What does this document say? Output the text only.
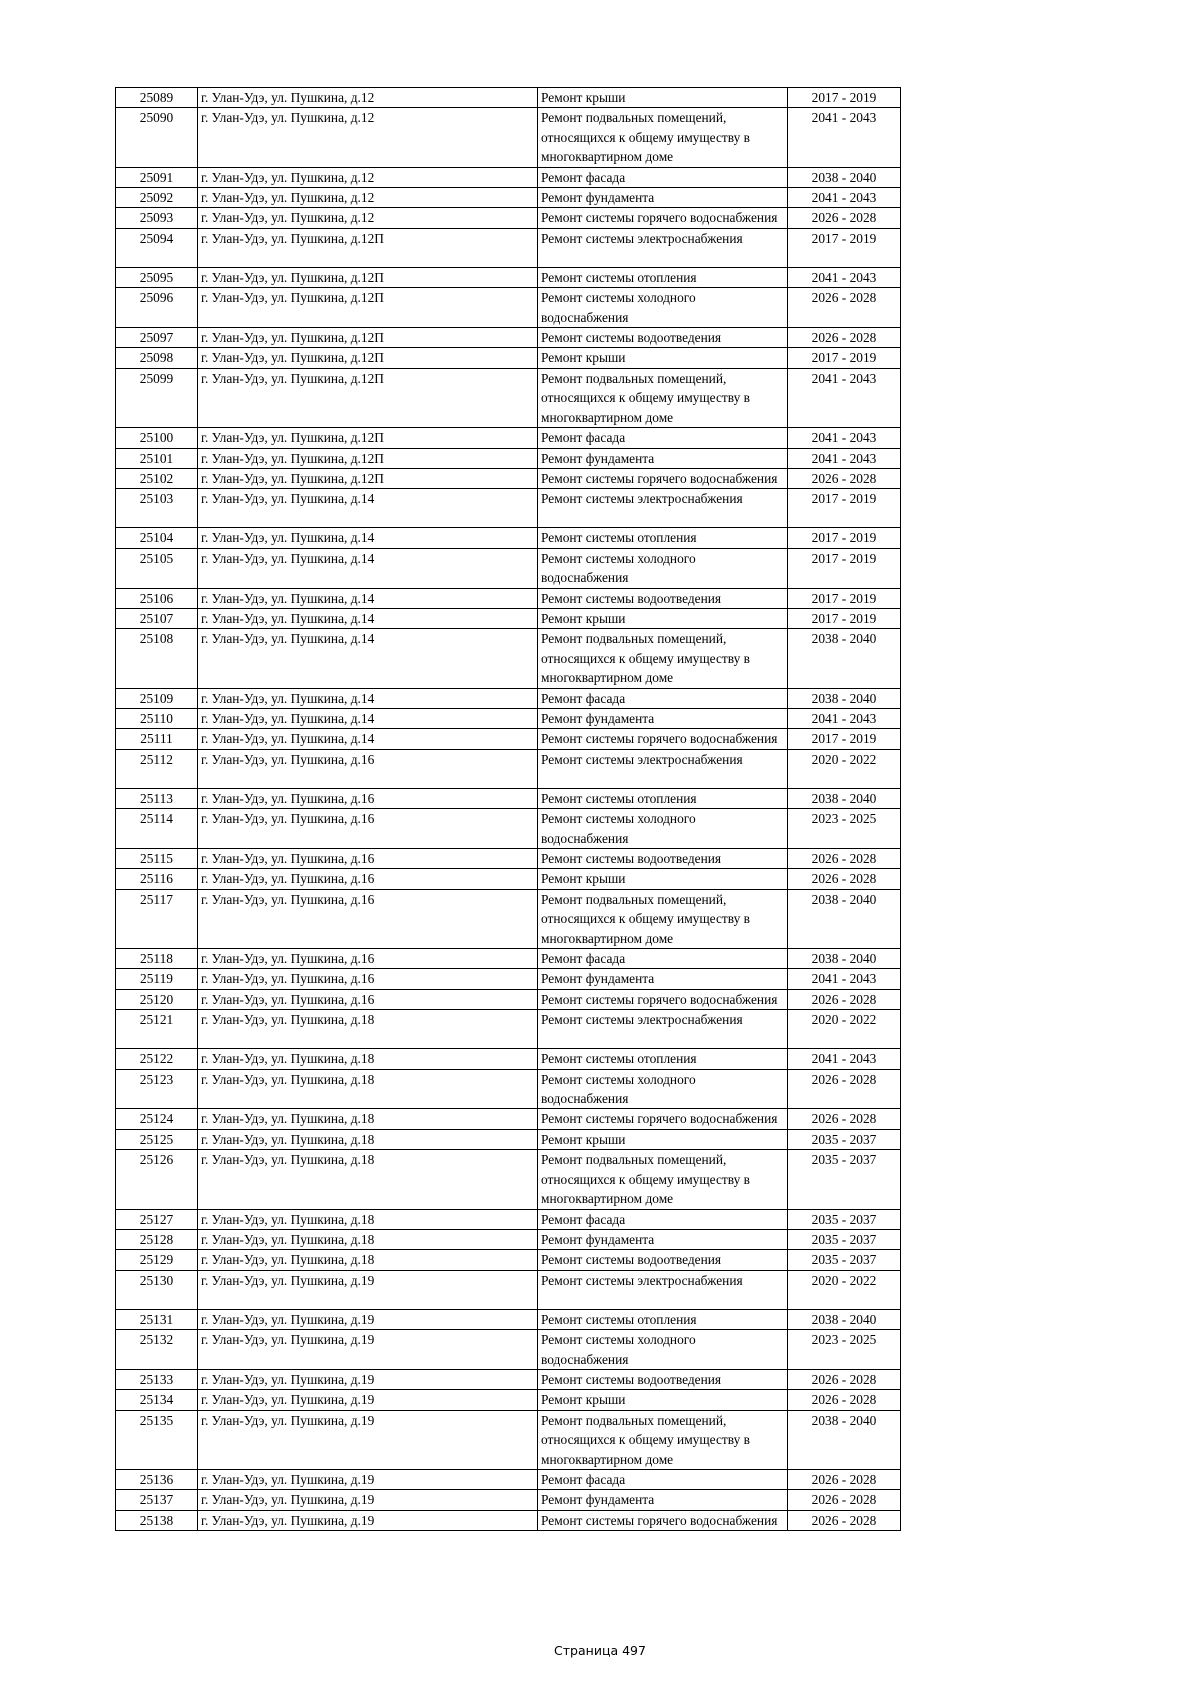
25089	г. Улан-Удэ, ул. Пушкина, д.12	Ремонт крыши	2017 - 2019
25090	г. Улан-Удэ, ул. Пушкина, д.12	Ремонт подвальных помещений, относящихся к общему имуществу в многоквартирном доме	2041 - 2043
25091	г. Улан-Удэ, ул. Пушкина, д.12	Ремонт фасада	2038 - 2040
25092	г. Улан-Удэ, ул. Пушкина, д.12	Ремонт фундамента	2041 - 2043
25093	г. Улан-Удэ, ул. Пушкина, д.12	Ремонт системы горячего водоснабжения	2026 - 2028
25094	г. Улан-Удэ, ул. Пушкина, д.12П	Ремонт системы электроснабжения	2017 - 2019
25095	г. Улан-Удэ, ул. Пушкина, д.12П	Ремонт системы отопления	2041 - 2043
25096	г. Улан-Удэ, ул. Пушкина, д.12П	Ремонт системы холодного водоснабжения	2026 - 2028
25097	г. Улан-Удэ, ул. Пушкина, д.12П	Ремонт системы водоотведения	2026 - 2028
25098	г. Улан-Удэ, ул. Пушкина, д.12П	Ремонт крыши	2017 - 2019
25099	г. Улан-Удэ, ул. Пушкина, д.12П	Ремонт подвальных помещений, относящихся к общему имуществу в многоквартирном доме	2041 - 2043
25100	г. Улан-Удэ, ул. Пушкина, д.12П	Ремонт фасада	2041 - 2043
25101	г. Улан-Удэ, ул. Пушкина, д.12П	Ремонт фундамента	2041 - 2043
25102	г. Улан-Удэ, ул. Пушкина, д.12П	Ремонт системы горячего водоснабжения	2026 - 2028
25103	г. Улан-Удэ, ул. Пушкина, д.14	Ремонт системы электроснабжения	2017 - 2019
25104	г. Улан-Удэ, ул. Пушкина, д.14	Ремонт системы отопления	2017 - 2019
25105	г. Улан-Удэ, ул. Пушкина, д.14	Ремонт системы холодного водоснабжения	2017 - 2019
25106	г. Улан-Удэ, ул. Пушкина, д.14	Ремонт системы водоотведения	2017 - 2019
25107	г. Улан-Удэ, ул. Пушкина, д.14	Ремонт крыши	2017 - 2019
25108	г. Улан-Удэ, ул. Пушкина, д.14	Ремонт подвальных помещений, относящихся к общему имуществу в многоквартирном доме	2038 - 2040
25109	г. Улан-Удэ, ул. Пушкина, д.14	Ремонт фасада	2038 - 2040
25110	г. Улан-Удэ, ул. Пушкина, д.14	Ремонт фундамента	2041 - 2043
25111	г. Улан-Удэ, ул. Пушкина, д.14	Ремонт системы горячего водоснабжения	2017 - 2019
25112	г. Улан-Удэ, ул. Пушкина, д.16	Ремонт системы электроснабжения	2020 - 2022
25113	г. Улан-Удэ, ул. Пушкина, д.16	Ремонт системы отопления	2038 - 2040
25114	г. Улан-Удэ, ул. Пушкина, д.16	Ремонт системы холодного водоснабжения	2023 - 2025
25115	г. Улан-Удэ, ул. Пушкина, д.16	Ремонт системы водоотведения	2026 - 2028
25116	г. Улан-Удэ, ул. Пушкина, д.16	Ремонт крыши	2026 - 2028
25117	г. Улан-Удэ, ул. Пушкина, д.16	Ремонт подвальных помещений, относящихся к общему имуществу в многоквартирном доме	2038 - 2040
25118	г. Улан-Удэ, ул. Пушкина, д.16	Ремонт фасада	2038 - 2040
25119	г. Улан-Удэ, ул. Пушкина, д.16	Ремонт фундамента	2041 - 2043
25120	г. Улан-Удэ, ул. Пушкина, д.16	Ремонт системы горячего водоснабжения	2026 - 2028
25121	г. Улан-Удэ, ул. Пушкина, д.18	Ремонт системы электроснабжения	2020 - 2022
25122	г. Улан-Удэ, ул. Пушкина, д.18	Ремонт системы отопления	2041 - 2043
25123	г. Улан-Удэ, ул. Пушкина, д.18	Ремонт системы холодного водоснабжения	2026 - 2028
25124	г. Улан-Удэ, ул. Пушкина, д.18	Ремонт системы горячего водоснабжения	2026 - 2028
25125	г. Улан-Удэ, ул. Пушкина, д.18	Ремонт крыши	2035 - 2037
25126	г. Улан-Удэ, ул. Пушкина, д.18	Ремонт подвальных помещений, относящихся к общему имуществу в многоквартирном доме	2035 - 2037
25127	г. Улан-Удэ, ул. Пушкина, д.18	Ремонт фасада	2035 - 2037
25128	г. Улан-Удэ, ул. Пушкина, д.18	Ремонт фундамента	2035 - 2037
25129	г. Улан-Удэ, ул. Пушкина, д.18	Ремонт системы водоотведения	2035 - 2037
25130	г. Улан-Удэ, ул. Пушкина, д.19	Ремонт системы электроснабжения	2020 - 2022
25131	г. Улан-Удэ, ул. Пушкина, д.19	Ремонт системы отопления	2038 - 2040
25132	г. Улан-Удэ, ул. Пушкина, д.19	Ремонт системы холодного водоснабжения	2023 - 2025
25133	г. Улан-Удэ, ул. Пушкина, д.19	Ремонт системы водоотведения	2026 - 2028
25134	г. Улан-Удэ, ул. Пушкина, д.19	Ремонт крыши	2026 - 2028
25135	г. Улан-Удэ, ул. Пушкина, д.19	Ремонт подвальных помещений, относящихся к общему имуществу в многоквартирном доме	2038 - 2040
25136	г. Улан-Удэ, ул. Пушкина, д.19	Ремонт фасада	2026 - 2028
25137	г. Улан-Удэ, ул. Пушкина, д.19	Ремонт фундамента	2026 - 2028
25138	г. Улан-Удэ, ул. Пушкина, д.19	Ремонт системы горячего водоснабжения	2026 - 2028
Страница 497
